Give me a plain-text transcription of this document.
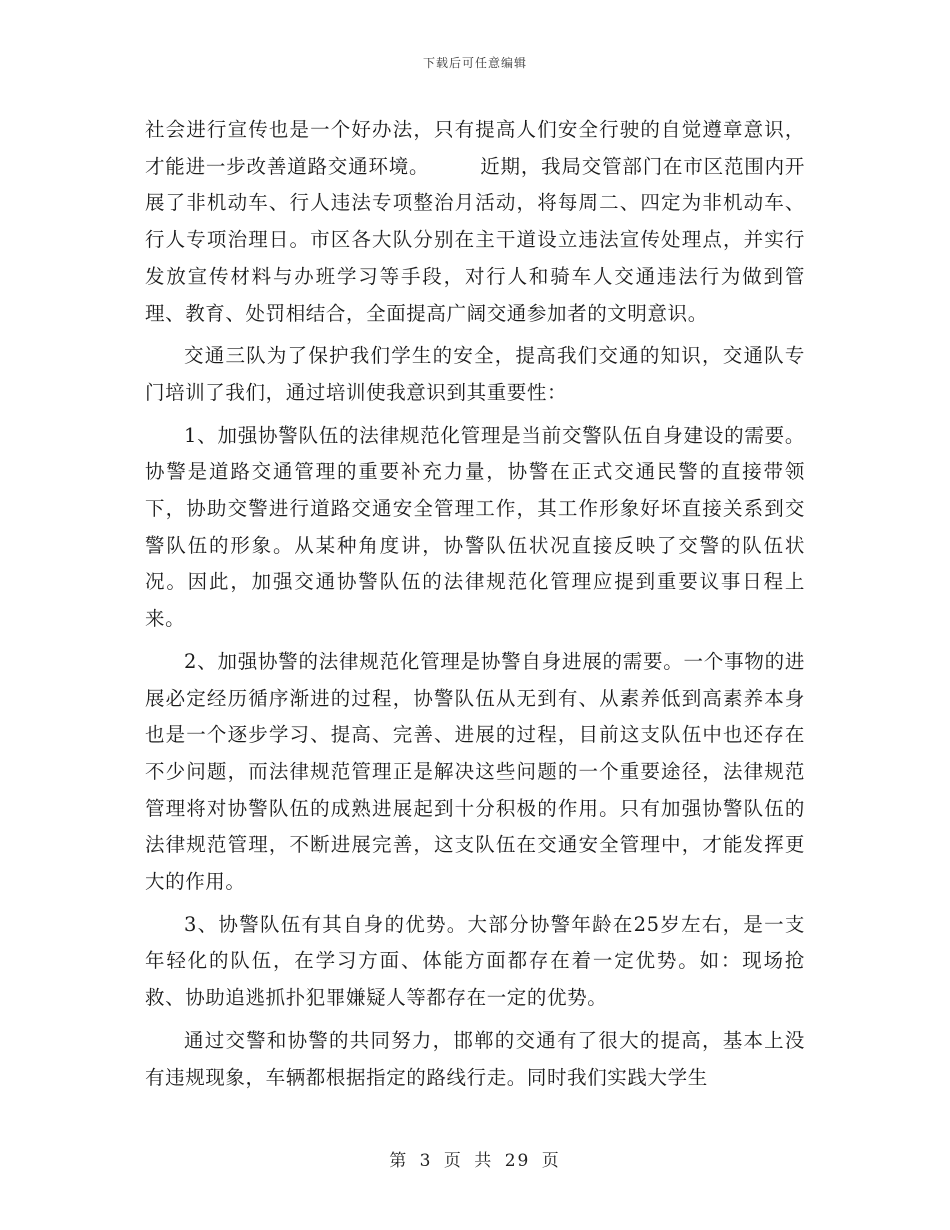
下载后可任意编辑

社会进行宣传也是一个好办法，只有提高人们安全行驶的自觉遵章意识，才能进一步改善道路交通环境。	近期，我局交管部门在市区范围内开展了非机动车、行人违法专项整治月活动，将每周二、四定为非机动车、行人专项治理日。市区各大队分别在主干道设立违法宣传处理点，并实行发放宣传材料与办班学习等手段，对行人和骑车人交通违法行为做到管理、教育、处罚相结合，全面提高广阔交通参加者的文明意识。

交通三队为了保护我们学生的安全，提高我们交通的知识，交通队专门培训了我们，通过培训使我意识到其重要性：

1、加强协警队伍的法律规范化管理是当前交警队伍自身建设的需要。协警是道路交通管理的重要补充力量，协警在正式交通民警的直接带领下，协助交警进行道路交通安全管理工作，其工作形象好坏直接关系到交警队伍的形象。从某种角度讲，协警队伍状况直接反映了交警的队伍状况。因此，加强交通协警队伍的法律规范化管理应提到重要议事日程上来。

2、加强协警的法律规范化管理是协警自身进展的需要。一个事物的进展必定经历循序渐进的过程，协警队伍从无到有、从素养低到高素养本身也是一个逐步学习、提高、完善、进展的过程，目前这支队伍中也还存在不少问题，而法律规范管理正是解决这些问题的一个重要途径，法律规范管理将对协警队伍的成熟进展起到十分积极的作用。只有加强协警队伍的法律规范管理，不断进展完善，这支队伍在交通安全管理中，才能发挥更大的作用。

3、协警队伍有其自身的优势。大部分协警年龄在25岁左右，是一支年轻化的队伍，在学习方面、体能方面都存在着一定优势。如：现场抢救、协助追逃抓扑犯罪嫌疑人等都存在一定的优势。

通过交警和协警的共同努力，邯郸的交通有了很大的提高，基本上没有违规现象，车辆都根据指定的路线行走。同时我们实践大学生

第 3 页 共 29 页
